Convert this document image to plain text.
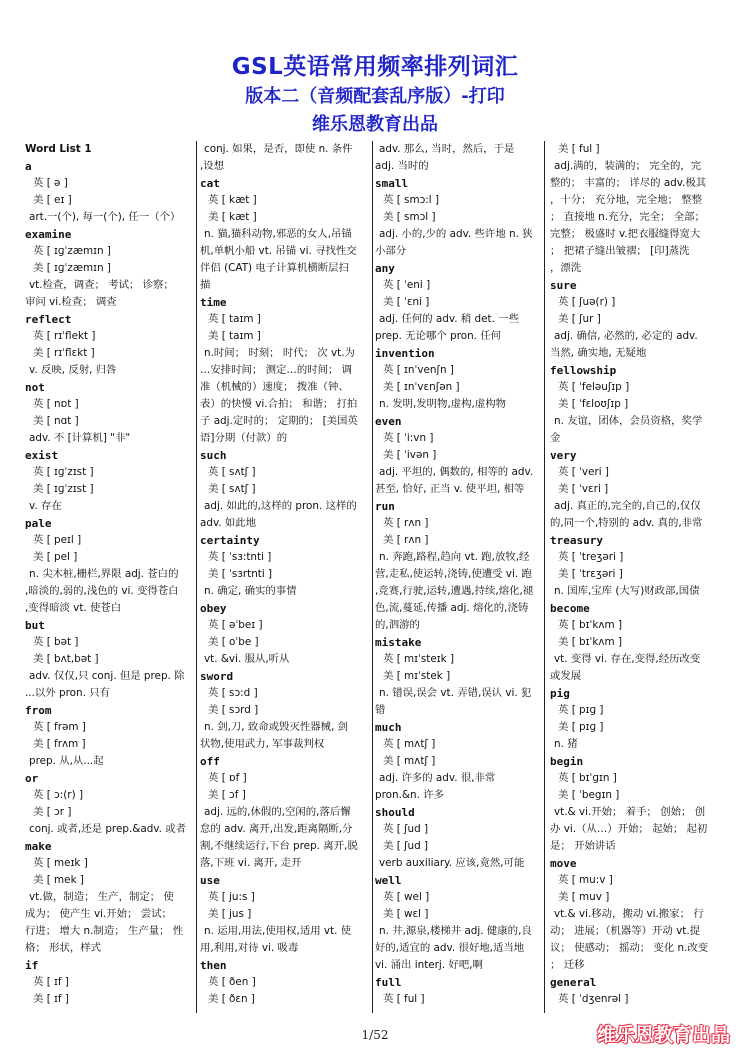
GSL英语常用频率排列词汇
版本二（音频配套乱序版）-打印
维乐恩教育出品
Word List 1
a
英 [ ə ]
美 [ eɪ ]
art.一(个), 每一(个), 任一（个）
examine
英 [ ɪɡˈzæmɪn ]
美 [ ɪɡˈzæmɪn ]
vt.检查，调查； 考试； 诊察；
审问 vi.检查； 调查
reflect
英 [ rɪˈflekt ]
美 [ rɪˈflɛkt ]
v. 反映, 反射, 归咎
not
英 [ nɒt ]
美 [ nɑt ]
adv. 不 [计算机] "非"
exist
英 [ ɪɡˈzɪst ]
美 [ ɪɡˈzɪst ]
v. 存在
pale
英 [ peɪl ]
美 [ pel ]
n. 尖木桩,栅栏,界限 adj. 苍白的
,暗淡的,弱的,浅色的 vi. 变得苍白
,变得暗淡 vt. 使苍白
but
英 [ bət ]
美 [ bʌt,bət ]
adv. 仅仅,只 conj. 但是 prep. 除
...以外 pron. 只有
from
英 [ frəm ]
美 [ frʌm ]
prep. 从,从...起
or
英 [ ɔ:(r) ]
美 [ ɔr ]
conj. 或者,还是 prep.&adv. 或者
make
英 [ meɪk ]
美 [ mek ]
vt.做，制造； 生产，制定； 使
成为； 使产生 vi.开始； 尝试；
行进； 增大 n.制造； 生产量； 性
格； 形状，样式
if
英 [ ɪf ]
美 [ ɪf ]
conj. 如果，是否，即使 n. 条件
,设想
cat
英 [ kæt ]
美 [ kæt ]
n. 猫,猫科动物,邪恶的女人,吊锚
机,单帆小船 vt. 吊锚 vi. 寻找性交
伴侣 (CAT) 电子计算机横断层扫
描
time
英 [ taɪm ]
美 [ taɪm ]
n.时间； 时刻； 时代； 次 vt.为
…安排时间； 测定…的时间； 调
准（机械的）速度； 拨准（钟、
表）的快慢 vi.合拍； 和谐； 打拍
子 adj.定时的； 定期的； [美国英
语]分期（付款）的
such
英 [ sʌtʃ ]
美 [ sʌtʃ ]
adj. 如此的,这样的 pron. 这样的
adv. 如此地
certainty
英 [ ˈsɜ:tnti ]
美 [ ˈsɜrtnti ]
n. 确定, 确实的事情
obey
英 [ əˈbeɪ ]
美 [ oˈbe ]
vt. &vi. 服从,听从
sword
英 [ sɔ:d ]
美 [ sɔrd ]
n. 剑,刀, 致命或毁灭性器械, 剑
状物,使用武力, 军事裁判权
off
英 [ ɒf ]
美 [ ɔf ]
adj. 远的,休假的,空闲的,落后懈
怠的 adv. 离开,出发,距离隔断,分
割,不继续运行,下台 prep. 离开,脱
落,下班 vi. 离开, 走开
use
英 [ ju:s ]
美 [ jus ]
n. 运用,用法,使用权,适用 vt. 使
用,利用,对待 vi. 吸毒
then
英 [ ðen ]
美 [ ðɛn ]
adv. 那么, 当时，然后，于是
adj. 当时的
small
英 [ smɔ:l ]
美 [ smɔl ]
adj. 小的,少的 adv. 些许地 n. 狭
小部分
any
英 [ ˈeni ]
美 [ ˈɛni ]
adj. 任何的 adv. 稍 det. 一些
prep. 无论哪个 pron. 任何
invention
英 [ ɪnˈvenʃn ]
美 [ ɪnˈvɛnʃən ]
n. 发明,发明物,虚构,虚构物
even
英 [ ˈi:vn ]
美 [ ˈivən ]
adj. 平坦的, 偶数的, 相等的 adv.
甚至, 恰好, 正当 v. 使平坦, 相等
run
英 [ rʌn ]
美 [ rʌn ]
n. 奔跑,路程,趋向 vt. 跑,放牧,经
营,走私,使运转,浇铸,使遭受 vi. 跑
,竞赛,行驶,运转,遭遇,持续,熔化,褪
色,流,蔓延,传播 adj. 熔化的,浇铸
的,泗游的
mistake
英 [ mɪˈsteɪk ]
美 [ mɪˈstek ]
n. 错误,误会 vt. 弄错,误认 vi. 犯
错
much
英 [ mʌtʃ ]
美 [ mʌtʃ ]
adj. 许多的 adv. 很,非常
pron.&n. 许多
should
英 [ ʃud ]
美 [ ʃud ]
verb auxiliary. 应该,竟然,可能
well
英 [ wel ]
美 [ wɛl ]
n. 井,源泉,楼梯井 adj. 健康的,良
好的,适宜的 adv. 很好地,适当地
vi. 涌出 interj. 好吧,啊
full
英 [ ful ]
美 [ ful ]
adj.满的，装满的； 完全的，完
整的； 丰富的； 详尽的 adv.极其
，十分； 充分地，完全地； 整整
； 直接地 n.充分，完全； 全部；
完整； 极盛时 v.把衣服缝得宽大
； 把裙子缝出皱褶； [印]蒸洗
，漂洗
sure
英 [ ʃuə(r) ]
美 [ ʃur ]
adj. 确信, 必然的, 必定的 adv.
当然, 确实地, 无疑地
fellowship
英 [ ˈfeləuʃɪp ]
美 [ ˈfɛloʊʃɪp ]
n. 友谊，团体，会员资格，奖学
金
very
英 [ ˈveri ]
美 [ ˈvɛri ]
adj. 真正的,完全的,自己的,仅仅
的,同一个,特别的 adv. 真的,非常
treasury
英 [ ˈtreʒəri ]
美 [ ˈtrɛʒəri ]
n. 国库,宝库 (大写)财政部,国债
become
英 [ bɪˈkʌm ]
美 [ bɪˈkʌm ]
vt. 变得 vi. 存在,变得,经历改变
或发展
pig
英 [ pɪɡ ]
美 [ pɪɡ ]
n. 猪
begin
英 [ bɪˈɡɪn ]
美 [ ˈbegɪn ]
vt.& vi.开始； 着手； 创始； 创
办 vi.（从…）开始； 起始； 起初
是； 开始讲话
move
英 [ mu:v ]
美 [ muv ]
vt.& vi.移动，搬动 vi.搬家； 行
动； 进展；（机器等）开动 vt.提
议； 使感动； 摇动； 变化 n.改变
； 迁移
general
英 [ ˈdʒenrəl ]
1/52	维乐恩教育出品
